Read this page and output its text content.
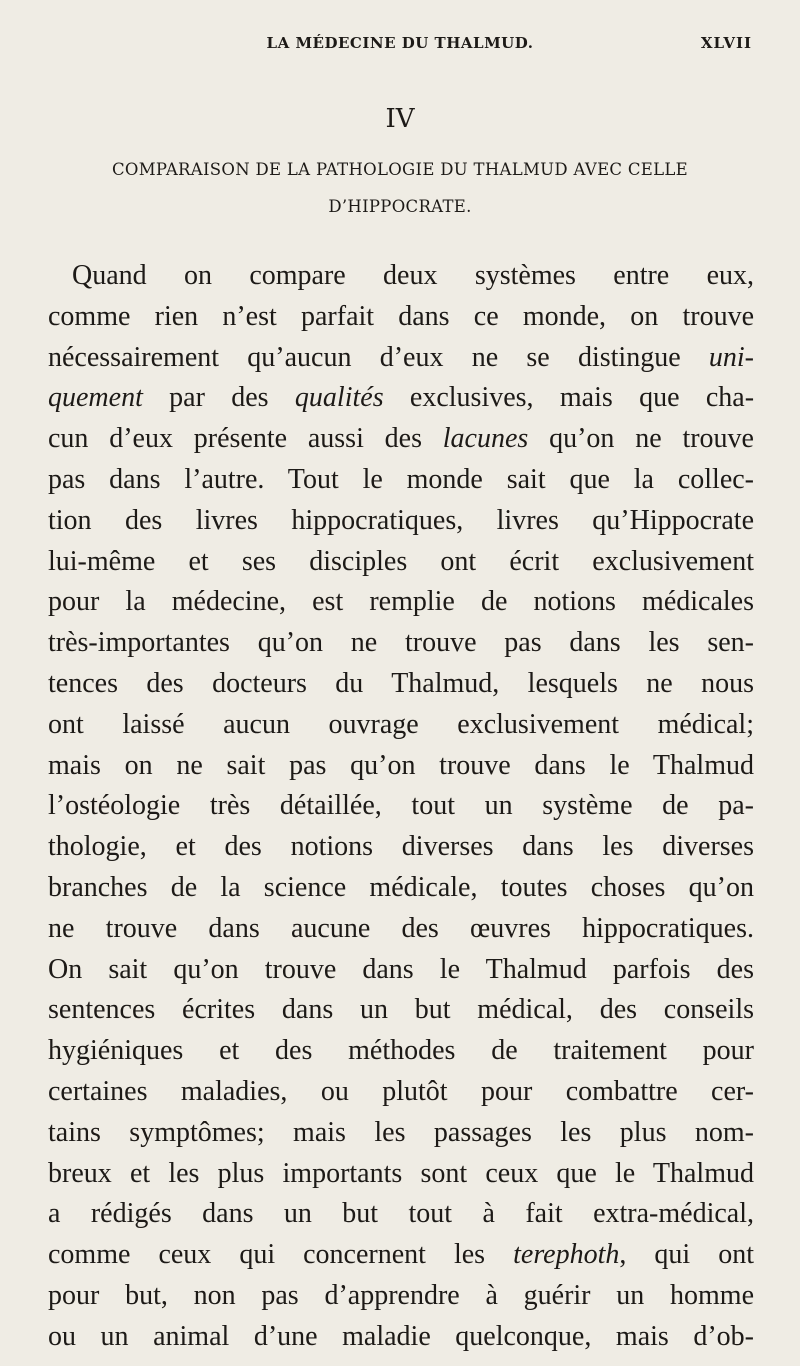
LA MÉDECINE DU THALMUD.	XLVII
IV
COMPARAISON DE LA PATHOLOGIE DU THALMUD AVEC CELLE
D’HIPPOCRATE.
Quand on compare deux systèmes entre eux,
comme rien n’est parfait dans ce monde, on trouve
nécessairement qu’aucun d’eux ne se distingue uni-
quement par des qualités exclusives, mais que cha-
cun d’eux présente aussi des lacunes qu’on ne trouve
pas dans l’autre. Tout le monde sait que la collec-
tion des livres hippocratiques, livres qu’Hippocrate
lui-même et ses disciples ont écrit exclusivement
pour la médecine, est remplie de notions médicales
très-importantes qu’on ne trouve pas dans les sen-
tences des docteurs du Thalmud, lesquels ne nous
ont laissé aucun ouvrage exclusivement médical;
mais on ne sait pas qu’on trouve dans le Thalmud
l’ostéologie très détaillée, tout un système de pa-
thologie, et des notions diverses dans les diverses
branches de la science médicale, toutes choses qu’on
ne trouve dans aucune des œuvres hippocratiques.
On sait qu’on trouve dans le Thalmud parfois des
sentences écrites dans un but médical, des conseils
hygiéniques et des méthodes de traitement pour
certaines maladies, ou plutôt pour combattre cer-
tains symptômes; mais les passages les plus nom-
breux et les plus importants sont ceux que le Thalmud
a rédigés dans un but tout à fait extra-médical,
comme ceux qui concernent les terephoth, qui ont
pour but, non pas d’apprendre à guérir un homme
ou un animal d’une maladie quelconque, mais d’ob-
